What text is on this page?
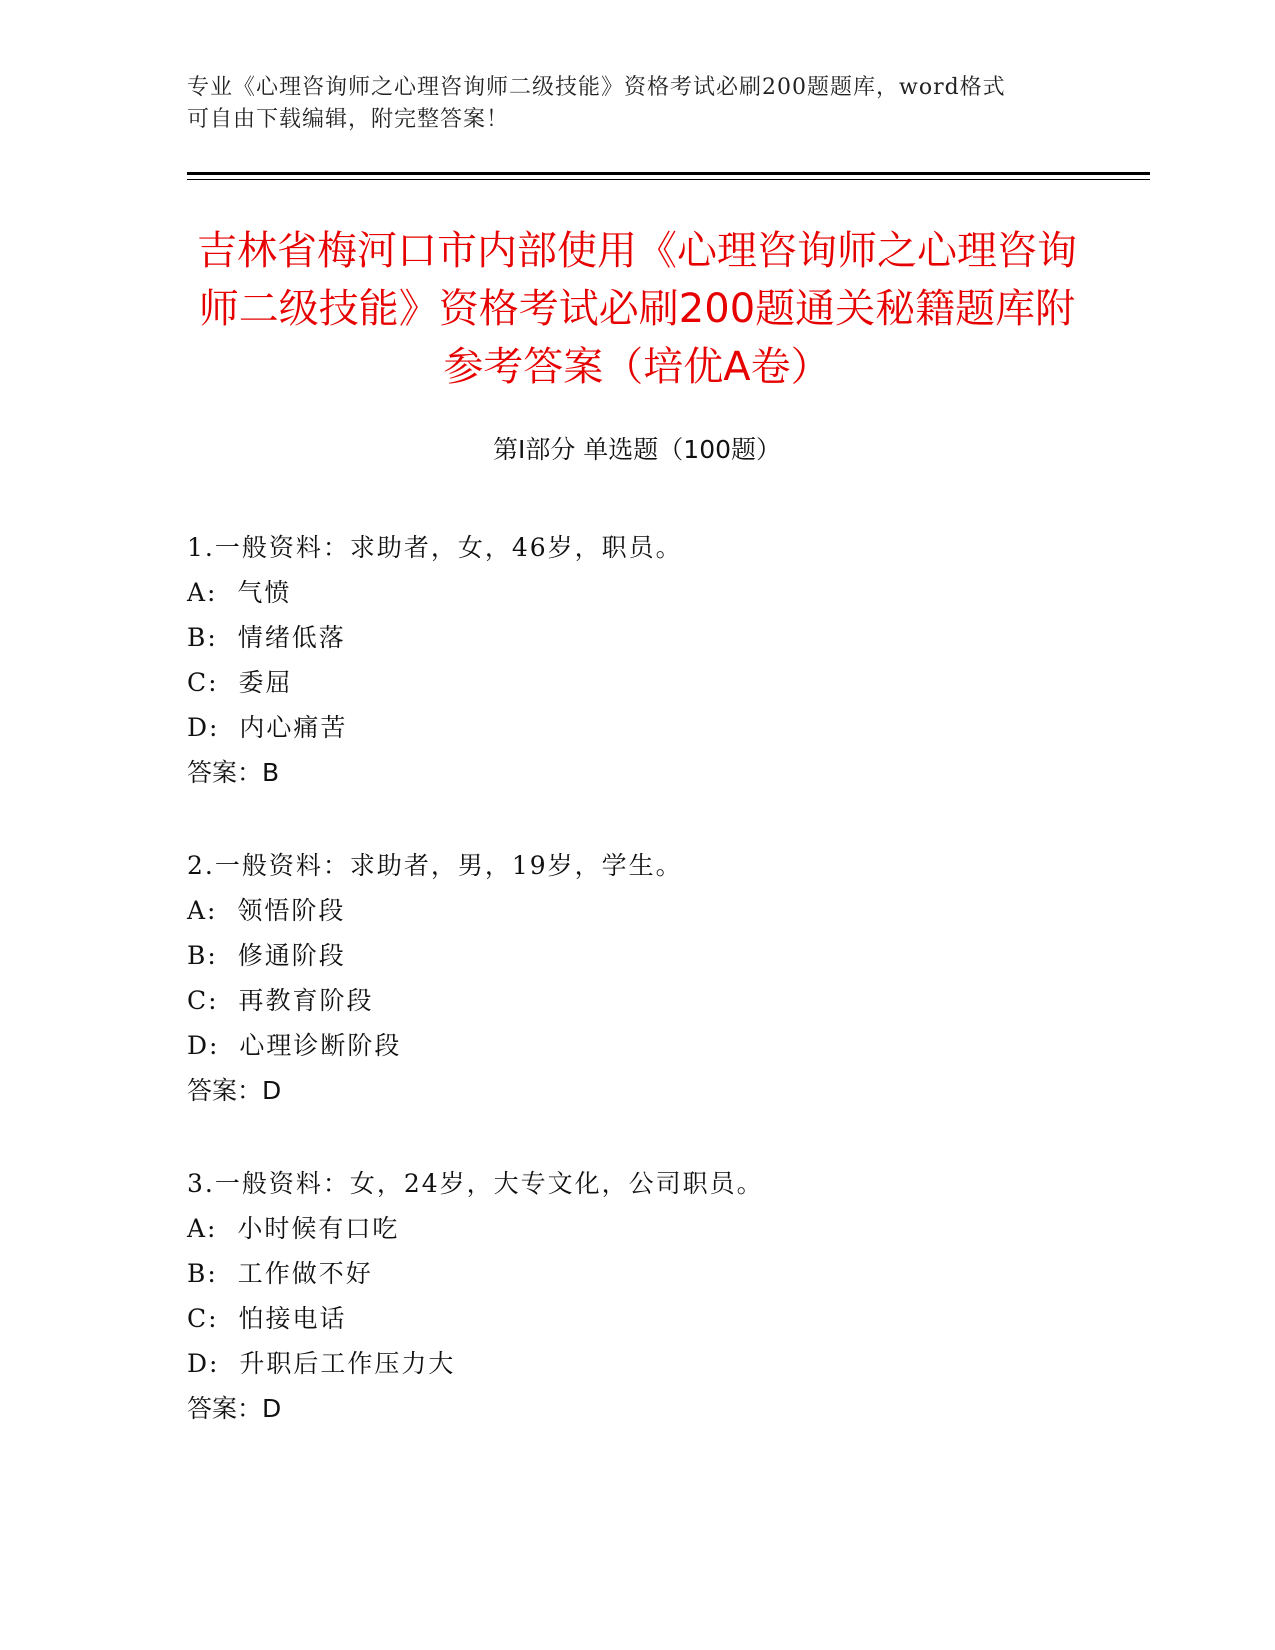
专业《心理咨询师之心理咨询师二级技能》资格考试必刷200题题库，word格式
可自由下载编辑，附完整答案！
吉林省梅河口市内部使用《心理咨询师之心理咨询师二级技能》资格考试必刷200题通关秘籍题库附参考答案（培优A卷）
第Ⅰ部分 单选题（100题）
1.一般资料：求助者，女，46岁，职员。
A:  气愤
B:  情绪低落
C:  委屈
D:  内心痛苦
答案：B
2.一般资料：求助者，男，19岁，学生。
A:  领悟阶段
B:  修通阶段
C:  再教育阶段
D:  心理诊断阶段
答案：D
3.一般资料：女，24岁，大专文化，公司职员。
A:  小时候有口吃
B:  工作做不好
C:  怕接电话
D:  升职后工作压力大
答案：D
